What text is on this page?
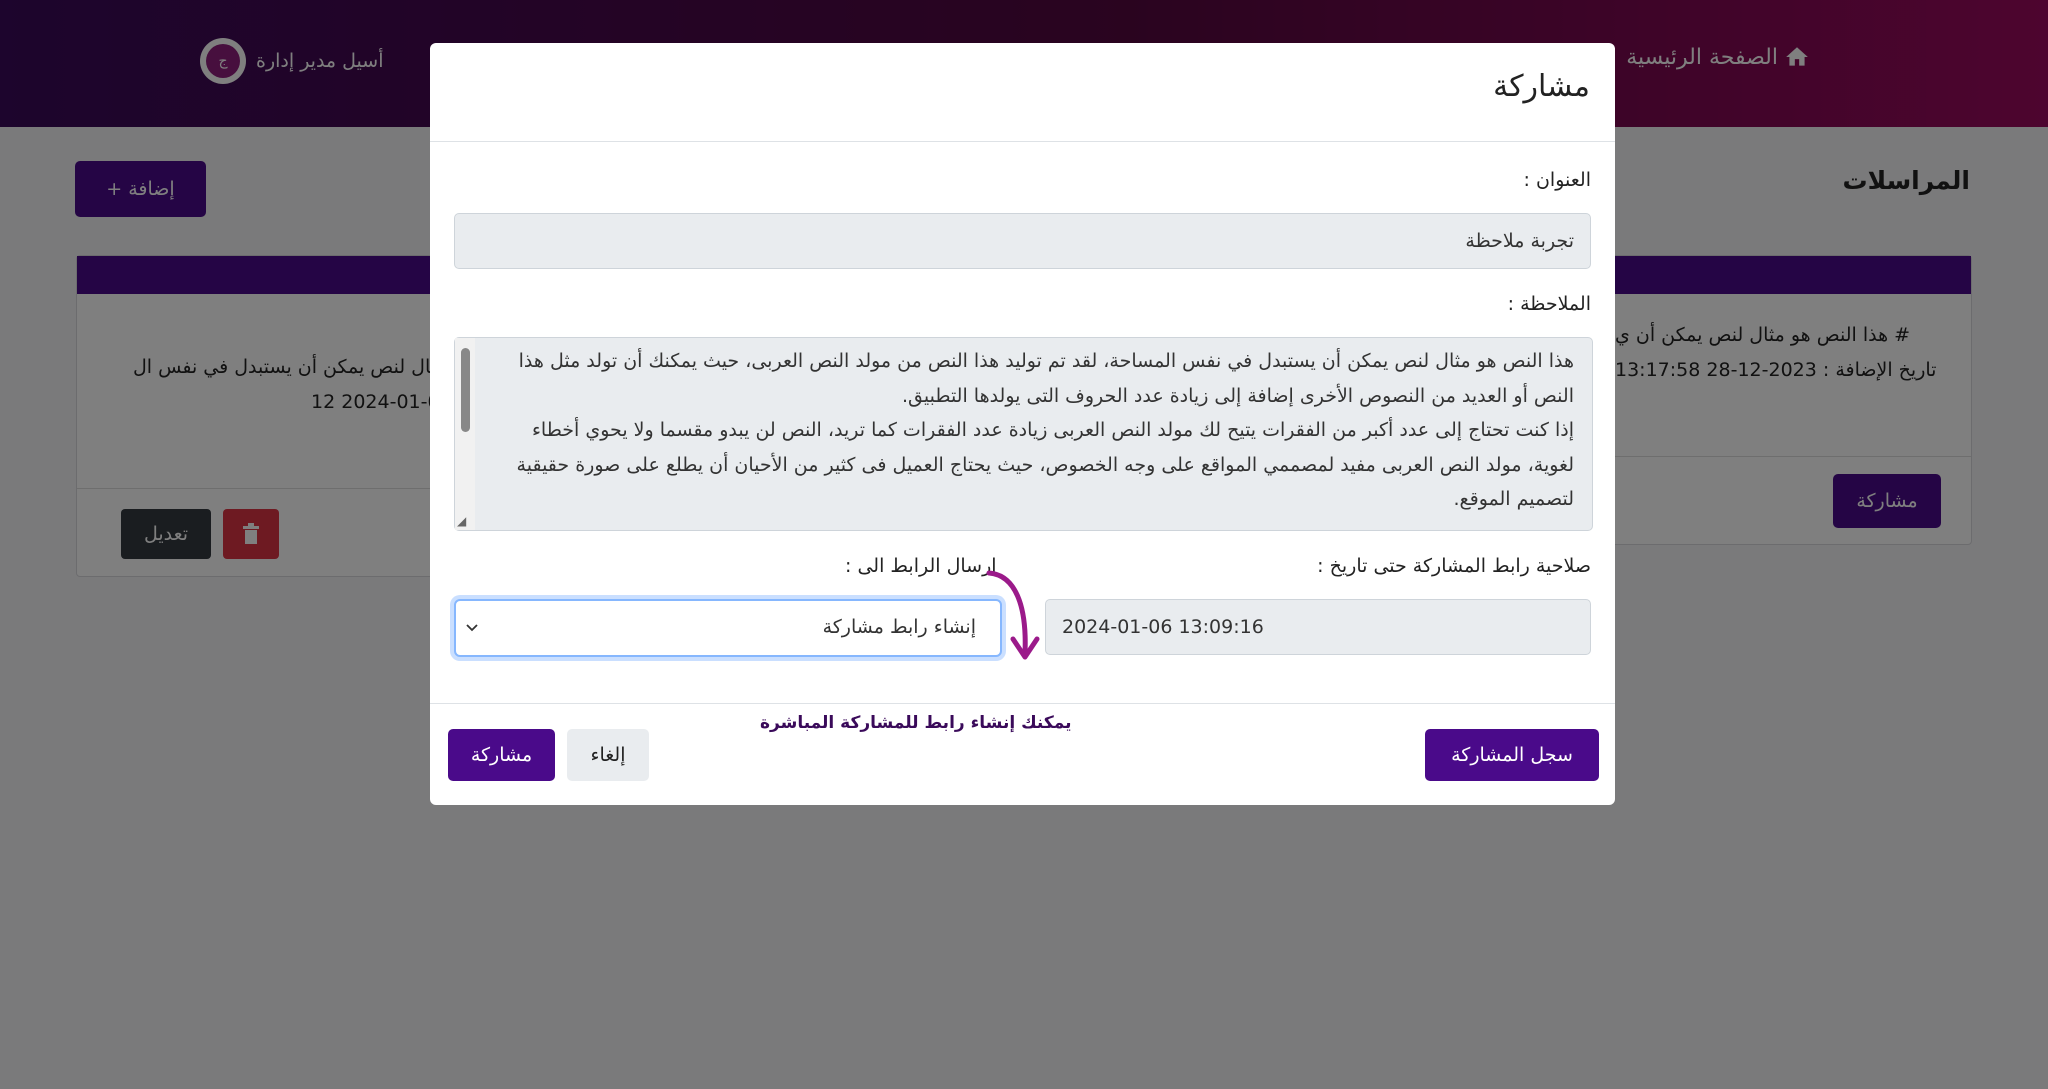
مشاركة
العنوان :
تجربة ملاحظة
الملاحظة :

هذا النص هو مثال لنص يمكن أن يستبدل في نفس المساحة، لقد تم توليد هذا النص من مولد النص العربى، حيث يمكنك أن تولد مثل هذا النص أو العديد من النصوص الأخرى إضافة إلى زيادة عدد الحروف التى يولدها التطبيق.

إذا كنت تحتاج إلى عدد أكبر من الفقرات يتيح لك مولد النص العربى زيادة عدد الفقرات كما تريد، النص لن يبدو مقسما ولا يحوي أخطاء لغوية، مولد النص العربى مفيد لمصممي المواقع على وجه الخصوص، حيث يحتاج العميل فى كثير من الأحيان أن يطلع على صورة حقيقية لتصميم الموقع.

◢
صلاحية رابط المشاركة حتى تاريخ :
2024-01-06 13:09:16
ارسال الرابط الى :
إنشاء رابط مشاركة
يمكنك إنشاء رابط للمشاركة المباشرة
سجل المشاركة
إلغاء
مشاركة
